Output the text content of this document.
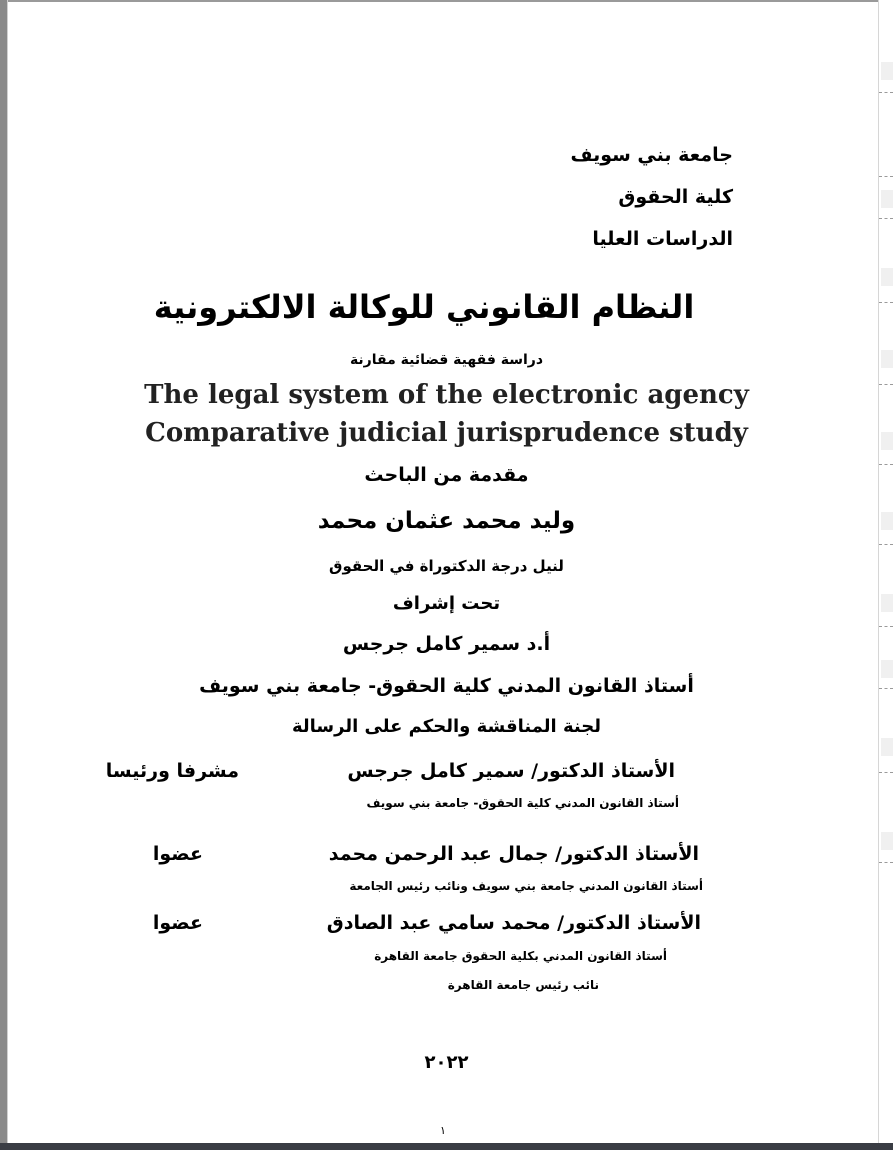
جامعة بني سويف
كلية الحقوق
الدراسات العليا
النظام القانوني للوكالة الالكترونية
دراسة فقهية قضائية مقارنة
The legal system of the electronic agency
Comparative judicial jurisprudence study
مقدمة من الباحث
وليد محمد عثمان محمد
لنيل درجة الدكتوراة في الحقوق
تحت إشراف
أ.د سمير كامل جرجس
أستاذ القانون المدني كلية الحقوق- جامعة بني سويف
لجنة المناقشة والحكم على الرسالة
الأستاذ الدكتور/ سمير كامل جرجس
مشرفا ورئيسا
أستاذ القانون المدني كلية الحقوق- جامعة بني سويف
الأستاذ الدكتور/ جمال عبد الرحمن محمد
عضوا
أستاذ القانون المدني جامعة بني سويف ونائب رئيس الجامعة
الأستاذ الدكتور/ محمد سامي عبد الصادق
عضوا
أستاذ القانون المدني بكلية الحقوق جامعة القاهرة
نائب رئيس جامعة القاهرة
٢٠٢٢
١
